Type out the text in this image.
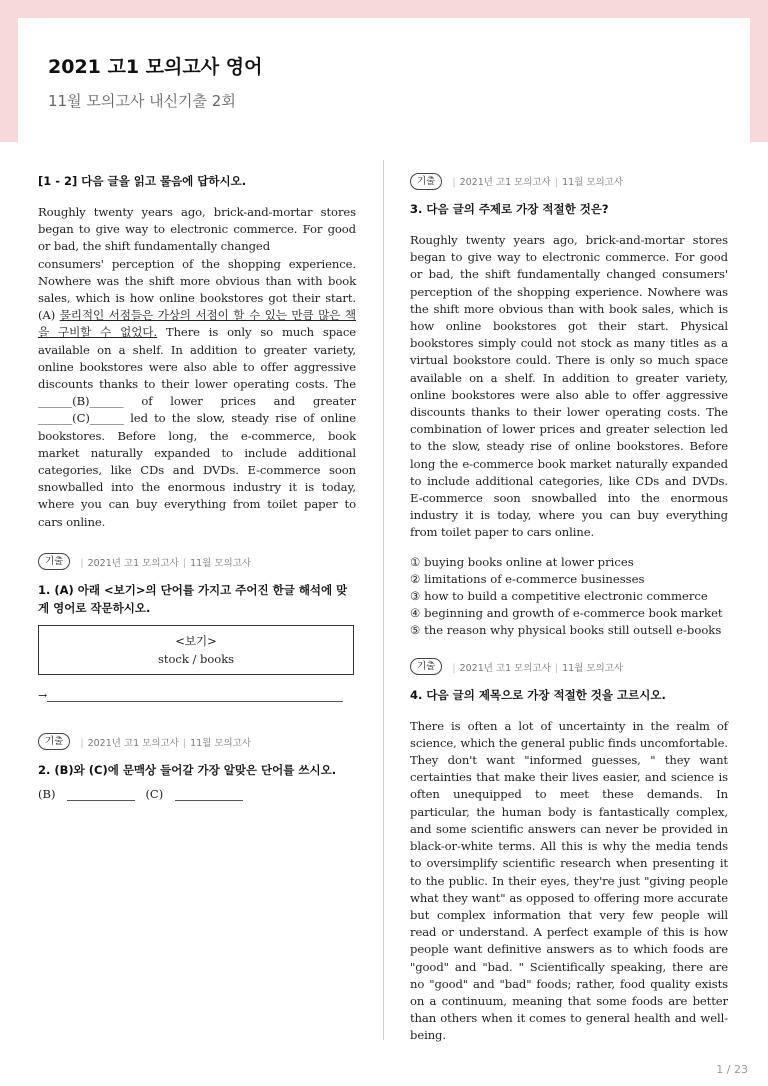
2021 고1 모의고사 영어
11월 모의고사 내신기출 2회

[1 - 2] 다음 글을 읽고 물음에 답하시오.

Roughly twenty years ago, brick-and-mortar stores began to give way to electronic commerce. For good or bad, the shift fundamentally changed
consumers' perception of the shopping experience. Nowhere was the shift more obvious than with book sales, which is how online bookstores got their start. (A) 물리적인 서점들은 가상의 서점이 할 수 있는 만큼 많은 책을 구비할 수 없었다. There is only so much space available on a shelf. In addition to greater variety, online bookstores were also able to offer aggressive discounts thanks to their lower operating costs. The ______(B)______ of lower prices and greater ______(C)______ led to the slow, steady rise of online bookstores. Before long, the e-commerce, book market naturally expanded to include additional categories, like CDs and DVDs. E-commerce soon snowballed into the enormous industry it is today, where you can buy everything from toilet paper to cars online.

기출	| 2021년 고1 모의고사 | 11월 모의고사

1. (A) 아래 <보기>의 단어를 가지고 주어진 한글 해석에 맞게 영어로 작문하시오.

<보기>
stock / books
→
기출	| 2021년 고1 모의고사 | 11월 모의고사

2. (B)와 (C)에 문맥상 들어갈 가장 알맞은 단어를 쓰시오.

(B)	(C)
기출	| 2021년 고1 모의고사 | 11월 모의고사

3. 다음 글의 주제로 가장 적절한 것은?

Roughly twenty years ago, brick-and-mortar stores began to give way to electronic commerce. For good or bad, the shift fundamentally changed consumers' perception of the shopping experience. Nowhere was the shift more obvious than with book sales, which is how online bookstores got their start. Physical bookstores simply could not stock as many titles as a virtual bookstore could. There is only so much space available on a shelf. In addition to greater variety, online bookstores were also able to offer aggressive discounts thanks to their lower operating costs. The combination of lower prices and greater selection led to the slow, steady rise of online bookstores. Before long the e-commerce book market naturally expanded to include additional categories, like CDs and DVDs. E-commerce soon snowballed into the enormous industry it is today, where you can buy everything from toilet paper to cars online.

① buying books online at lower prices
② limitations of e-commerce businesses
③ how to build a competitive electronic commerce
④ beginning and growth of e-commerce book market
⑤ the reason why physical books still outsell e-books
기출	| 2021년 고1 모의고사 | 11월 모의고사

4. 다음 글의 제목으로 가장 적절한 것을 고르시오.

There is often a lot of uncertainty in the realm of science, which the general public finds uncomfortable. They don't want "informed guesses, " they want certainties that make their lives easier, and science is often unequipped to meet these demands. In particular, the human body is fantastically complex, and some scientific answers can never be provided in black-or-white terms. All this is why the media tends to oversimplify scientific research when presenting it to the public. In their eyes, they're just "giving people what they want" as opposed to offering more accurate but complex information that very few people will read or understand. A perfect example of this is how people want definitive answers as to which foods are "good" and "bad. " Scientifically speaking, there are no "good" and "bad" foods; rather, food quality exists on a continuum, meaning that some foods are better than others when it comes to general health and well-being.

1 / 23
